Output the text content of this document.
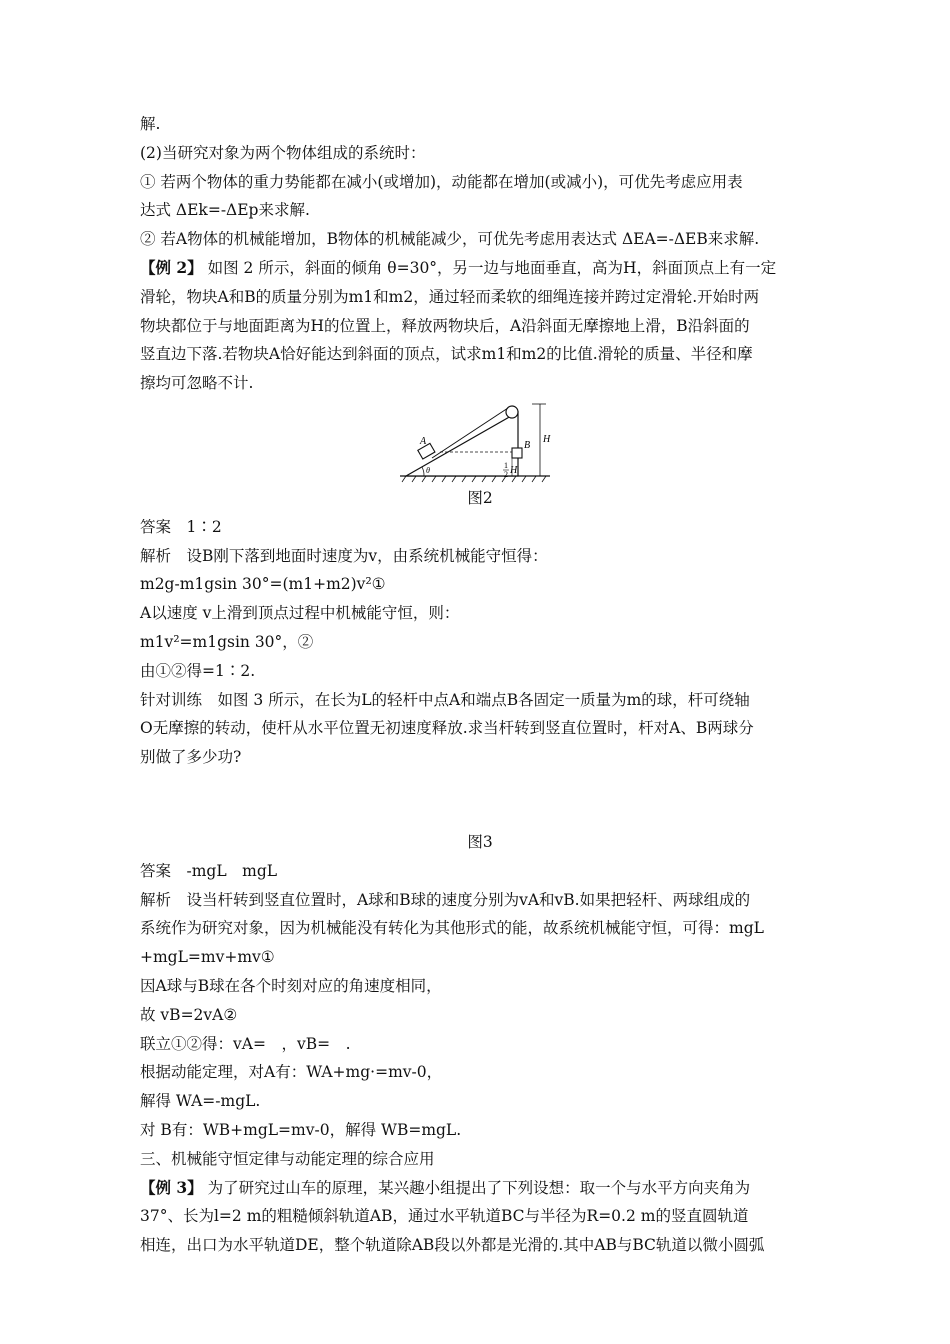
解.
(2)当研究对象为两个物体组成的系统时：
① 若两个物体的重力势能都在减小(或增加)，动能都在增加(或减小)，可优先考虑应用表
达式 ΔEk=-ΔEp来求解.
② 若A物体的机械能增加，B物体的机械能减少，可优先考虑用表达式 ΔEA=-ΔEB来求解.
【例 2】 如图 2 所示，斜面的倾角 θ=30°，另一边与地面垂直，高为H，斜面顶点上有一定
滑轮，物块A和B的质量分别为m1和m2，通过轻而柔软的细绳连接并跨过定滑轮.开始时两
物块都位于与地面距离为H的位置上，释放两物块后，A沿斜面无摩擦地上滑，B沿斜面的
竖直边下落.若物块A恰好能达到斜面的顶点，试求m1和m2的比值.滑轮的质量、半径和摩
擦均可忽略不计.
A	B
H
1
2 H
θ
图2
答案　1∶2
解析　设B刚下落到地面时速度为v，由系统机械能守恒得：
m2g-m1gsin 30°=(m1+m2)v²①
A以速度 v上滑到顶点过程中机械能守恒，则：
m1v²=m1gsin 30°，②
由①②得=1∶2.
针对训练　如图 3 所示，在长为L的轻杆中点A和端点B各固定一质量为m的球，杆可绕轴
O无摩擦的转动，使杆从水平位置无初速度释放.求当杆转到竖直位置时，杆对A、B两球分
别做了多少功?
图3
答案　-mgL　mgL
解析　设当杆转到竖直位置时，A球和B球的速度分别为vA和vB.如果把轻杆、两球组成的
系统作为研究对象，因为机械能没有转化为其他形式的能，故系统机械能守恒，可得：mgL
+mgL=mv+mv①
因A球与B球在各个时刻对应的角速度相同，
故 vB=2vA②
联立①②得：vA=　，vB=　.
根据动能定理，对A有：WA+mg·=mv-0，
解得 WA=-mgL.
对 B有：WB+mgL=mv-0，解得 WB=mgL.
三、机械能守恒定律与动能定理的综合应用
【例 3】 为了研究过山车的原理，某兴趣小组提出了下列设想：取一个与水平方向夹角为
37°、长为l=2 m的粗糙倾斜轨道AB，通过水平轨道BC与半径为R=0.2 m的竖直圆轨道
相连，出口为水平轨道DE，整个轨道除AB段以外都是光滑的.其中AB与BC轨道以微小圆弧
